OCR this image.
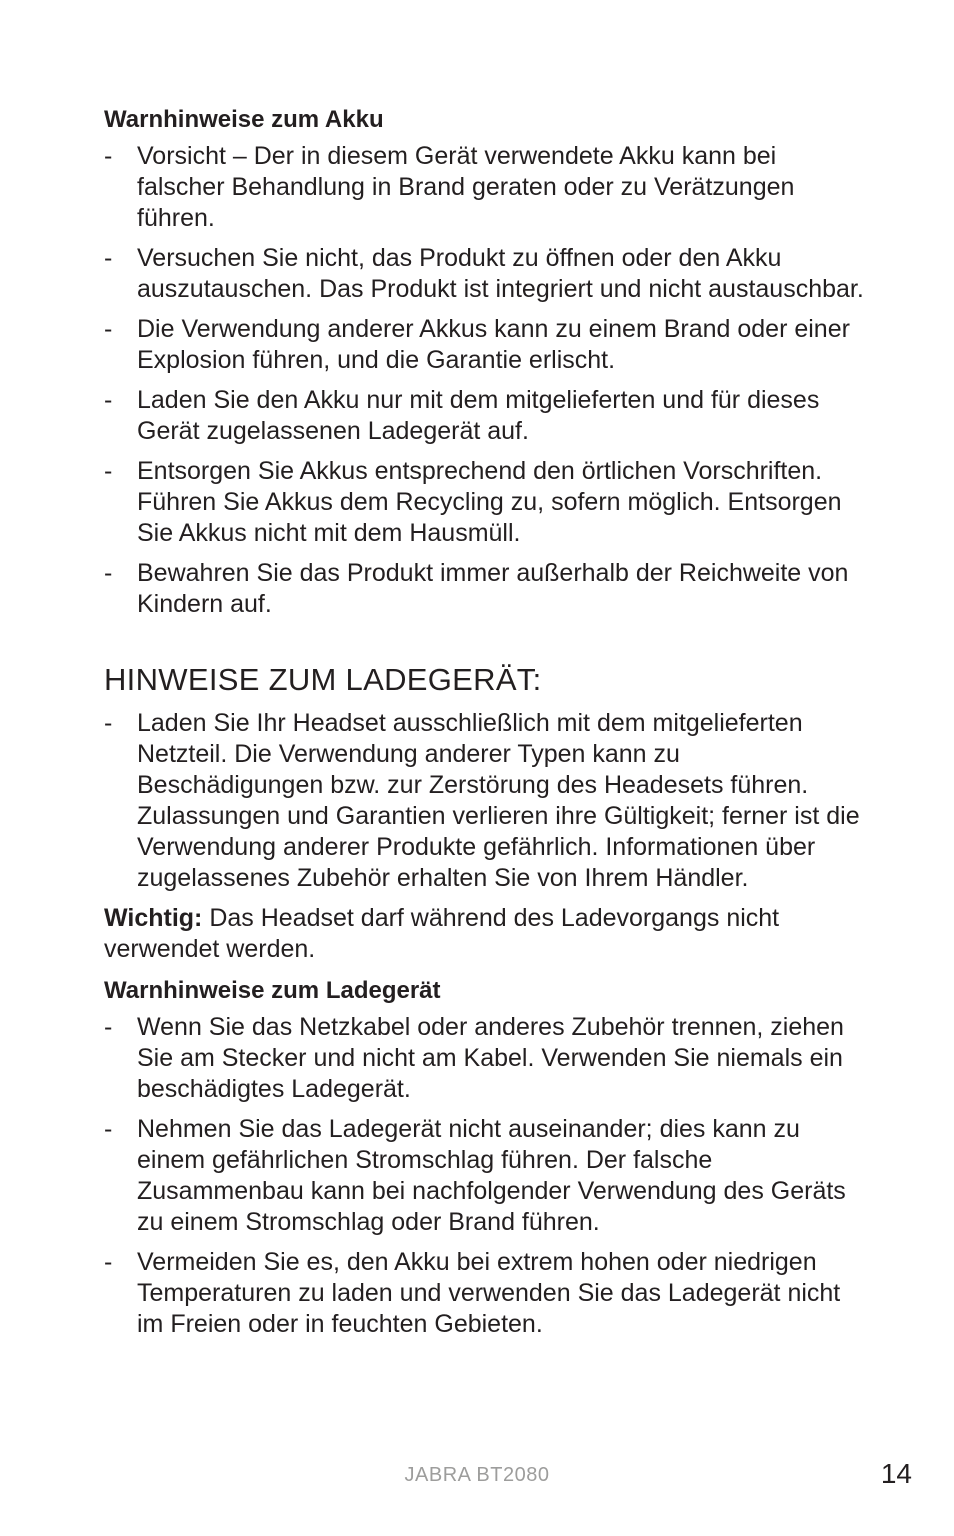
Warnhinweise zum Akku
- Vorsicht – Der in diesem Gerät verwendete Akku kann bei falscher Behandlung in Brand geraten oder zu Verätzungen führen.
- Versuchen Sie nicht, das Produkt zu öffnen oder den Akku auszutauschen. Das Produkt ist integriert und nicht austauschbar.
- Die Verwendung anderer Akkus kann zu einem Brand oder einer Explosion führen, und die Garantie erlischt.
- Laden Sie den Akku nur mit dem mitgelieferten und für dieses Gerät zugelassenen Ladegerät auf.
- Entsorgen Sie Akkus entsprechend den örtlichen Vorschriften. Führen Sie Akkus dem Recycling zu, sofern möglich. Entsorgen Sie Akkus nicht mit dem Hausmüll.
- Bewahren Sie das Produkt immer außerhalb der Reichweite von Kindern auf.
HINWEISE ZUM LADEGERÄT:
- Laden Sie Ihr Headset ausschließlich mit dem mitgelieferten Netzteil. Die Verwendung anderer Typen kann zu Beschädigungen bzw. zur Zerstörung des Headesets führen. Zulassungen und Garantien verlieren ihre Gültigkeit; ferner ist die Verwendung anderer Produkte gefährlich. Informationen über zugelassenes Zubehör erhalten Sie von Ihrem Händler.

Wichtig: Das Headset darf während des Ladevorgangs nicht verwendet werden.

Warnhinweise zum Ladegerät
- Wenn Sie das Netzkabel oder anderes Zubehör trennen, ziehen Sie am Stecker und nicht am Kabel. Verwenden Sie niemals ein beschädigtes Ladegerät.
- Nehmen Sie das Ladegerät nicht auseinander; dies kann zu einem gefährlichen Stromschlag führen. Der falsche Zusammenbau kann bei nachfolgender Verwendung des Geräts zu einem Stromschlag oder Brand führen.
- Vermeiden Sie es, den Akku bei extrem hohen oder niedrigen Temperaturen zu laden und verwenden Sie das Ladegerät nicht im Freien oder in feuchten Gebieten.
JABRA BT2080	14
